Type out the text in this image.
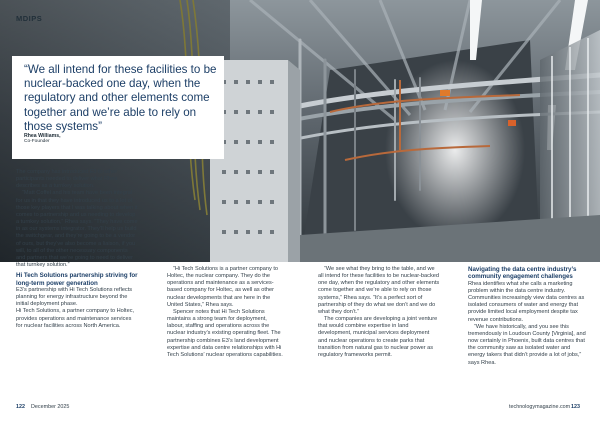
MDIPS

“We all intend for these facilities to be nuclear-backed one day, when the regulatory and other elements come together and we’re able to rely on those systems”

Rhea Williams,
Co-Founder

The company has introduced E3 to other participants needed to deliver what Rhea describes as a turnkey solution.

“Matt Coffel and his team have been integral for us in that they have introduced us to a lot of those key players that I was talking about when it comes to partnership and us needing to develop a turnkey solution,” Rhea says. “They have come in as our systems integrator. They’ll help us build the switchgear, and they’re going to be a vendor of ours, but they’ve also become a liaison, if you will, to all of the other necessary components and partners that we’re going to need to deliver that turnkey solution.”

Hi Tech Solutions partnership striving for long-term power generation

E3’s partnership with Hi Tech Solutions reflects planning for energy infrastructure beyond the initial deployment phase.

Hi Tech Solutions, a partner company to Holtec, provides operations and maintenance services for nuclear facilities across North America.

“Hi Tech Solutions is a partner company to Holtec, the nuclear company. They do the operations and maintenance as a services-based company for Holtec, as well as other nuclear developments that are here in the United States,” Rhea says.

Spencer notes that Hi Tech Solutions maintains a strong team for deployment, labour, staffing and operations across the nuclear industry’s existing operating fleet. The partnership combines E3’s land development expertise and data centre relationships with Hi Tech Solutions’ nuclear operations capabilities.

“We see what they bring to the table, and we all intend for these facilities to be nuclear-backed one day, when the regulatory and other elements come together and we’re able to rely on those systems,” Rhea says. “It’s a perfect sort of partnership of they do what we don’t and we do what they don’t.”

The companies are developing a joint venture that would combine expertise in land development, municipal services deployment and nuclear operations to create parks that transition from natural gas to nuclear power as regulatory frameworks permit.

Navigating the data centre industry’s community engagement challenges

Rhea identifies what she calls a marketing problem within the data centre industry. Communities increasingly view data centres as isolated consumers of water and energy that provide limited local employment despite tax revenue contributions.

“We have historically, and you see this tremendously in Loudoun County [Virginia], and now certainly in Phoenix, built data centres that the community saw as isolated water and energy takers that didn’t provide a lot of jobs,” says Rhea.

122 December 2025	technologymagazine.com 123
